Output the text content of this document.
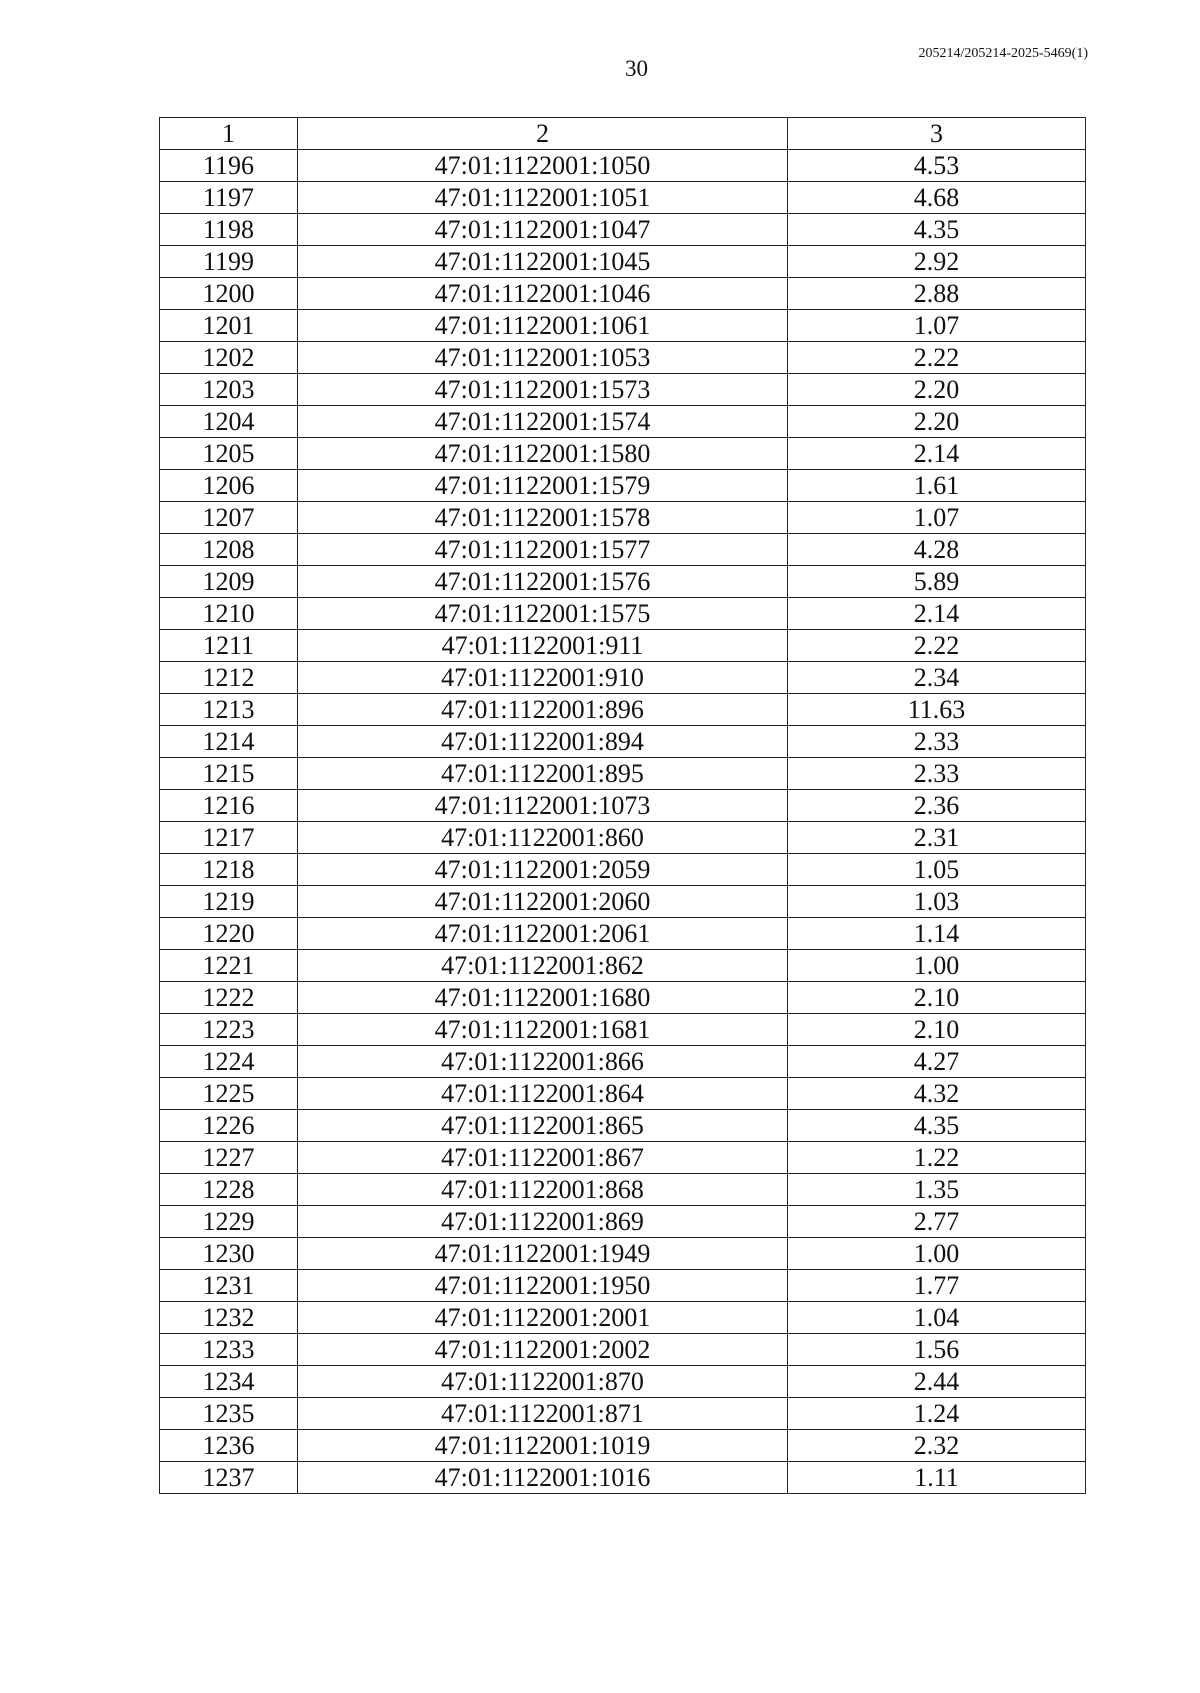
30
205214/205214-2025-5469(1)
1	2	3
1196	47:01:1122001:1050	4.53
1197	47:01:1122001:1051	4.68
1198	47:01:1122001:1047	4.35
1199	47:01:1122001:1045	2.92
1200	47:01:1122001:1046	2.88
1201	47:01:1122001:1061	1.07
1202	47:01:1122001:1053	2.22
1203	47:01:1122001:1573	2.20
1204	47:01:1122001:1574	2.20
1205	47:01:1122001:1580	2.14
1206	47:01:1122001:1579	1.61
1207	47:01:1122001:1578	1.07
1208	47:01:1122001:1577	4.28
1209	47:01:1122001:1576	5.89
1210	47:01:1122001:1575	2.14
1211	47:01:1122001:911	2.22
1212	47:01:1122001:910	2.34
1213	47:01:1122001:896	11.63
1214	47:01:1122001:894	2.33
1215	47:01:1122001:895	2.33
1216	47:01:1122001:1073	2.36
1217	47:01:1122001:860	2.31
1218	47:01:1122001:2059	1.05
1219	47:01:1122001:2060	1.03
1220	47:01:1122001:2061	1.14
1221	47:01:1122001:862	1.00
1222	47:01:1122001:1680	2.10
1223	47:01:1122001:1681	2.10
1224	47:01:1122001:866	4.27
1225	47:01:1122001:864	4.32
1226	47:01:1122001:865	4.35
1227	47:01:1122001:867	1.22
1228	47:01:1122001:868	1.35
1229	47:01:1122001:869	2.77
1230	47:01:1122001:1949	1.00
1231	47:01:1122001:1950	1.77
1232	47:01:1122001:2001	1.04
1233	47:01:1122001:2002	1.56
1234	47:01:1122001:870	2.44
1235	47:01:1122001:871	1.24
1236	47:01:1122001:1019	2.32
1237	47:01:1122001:1016	1.11
